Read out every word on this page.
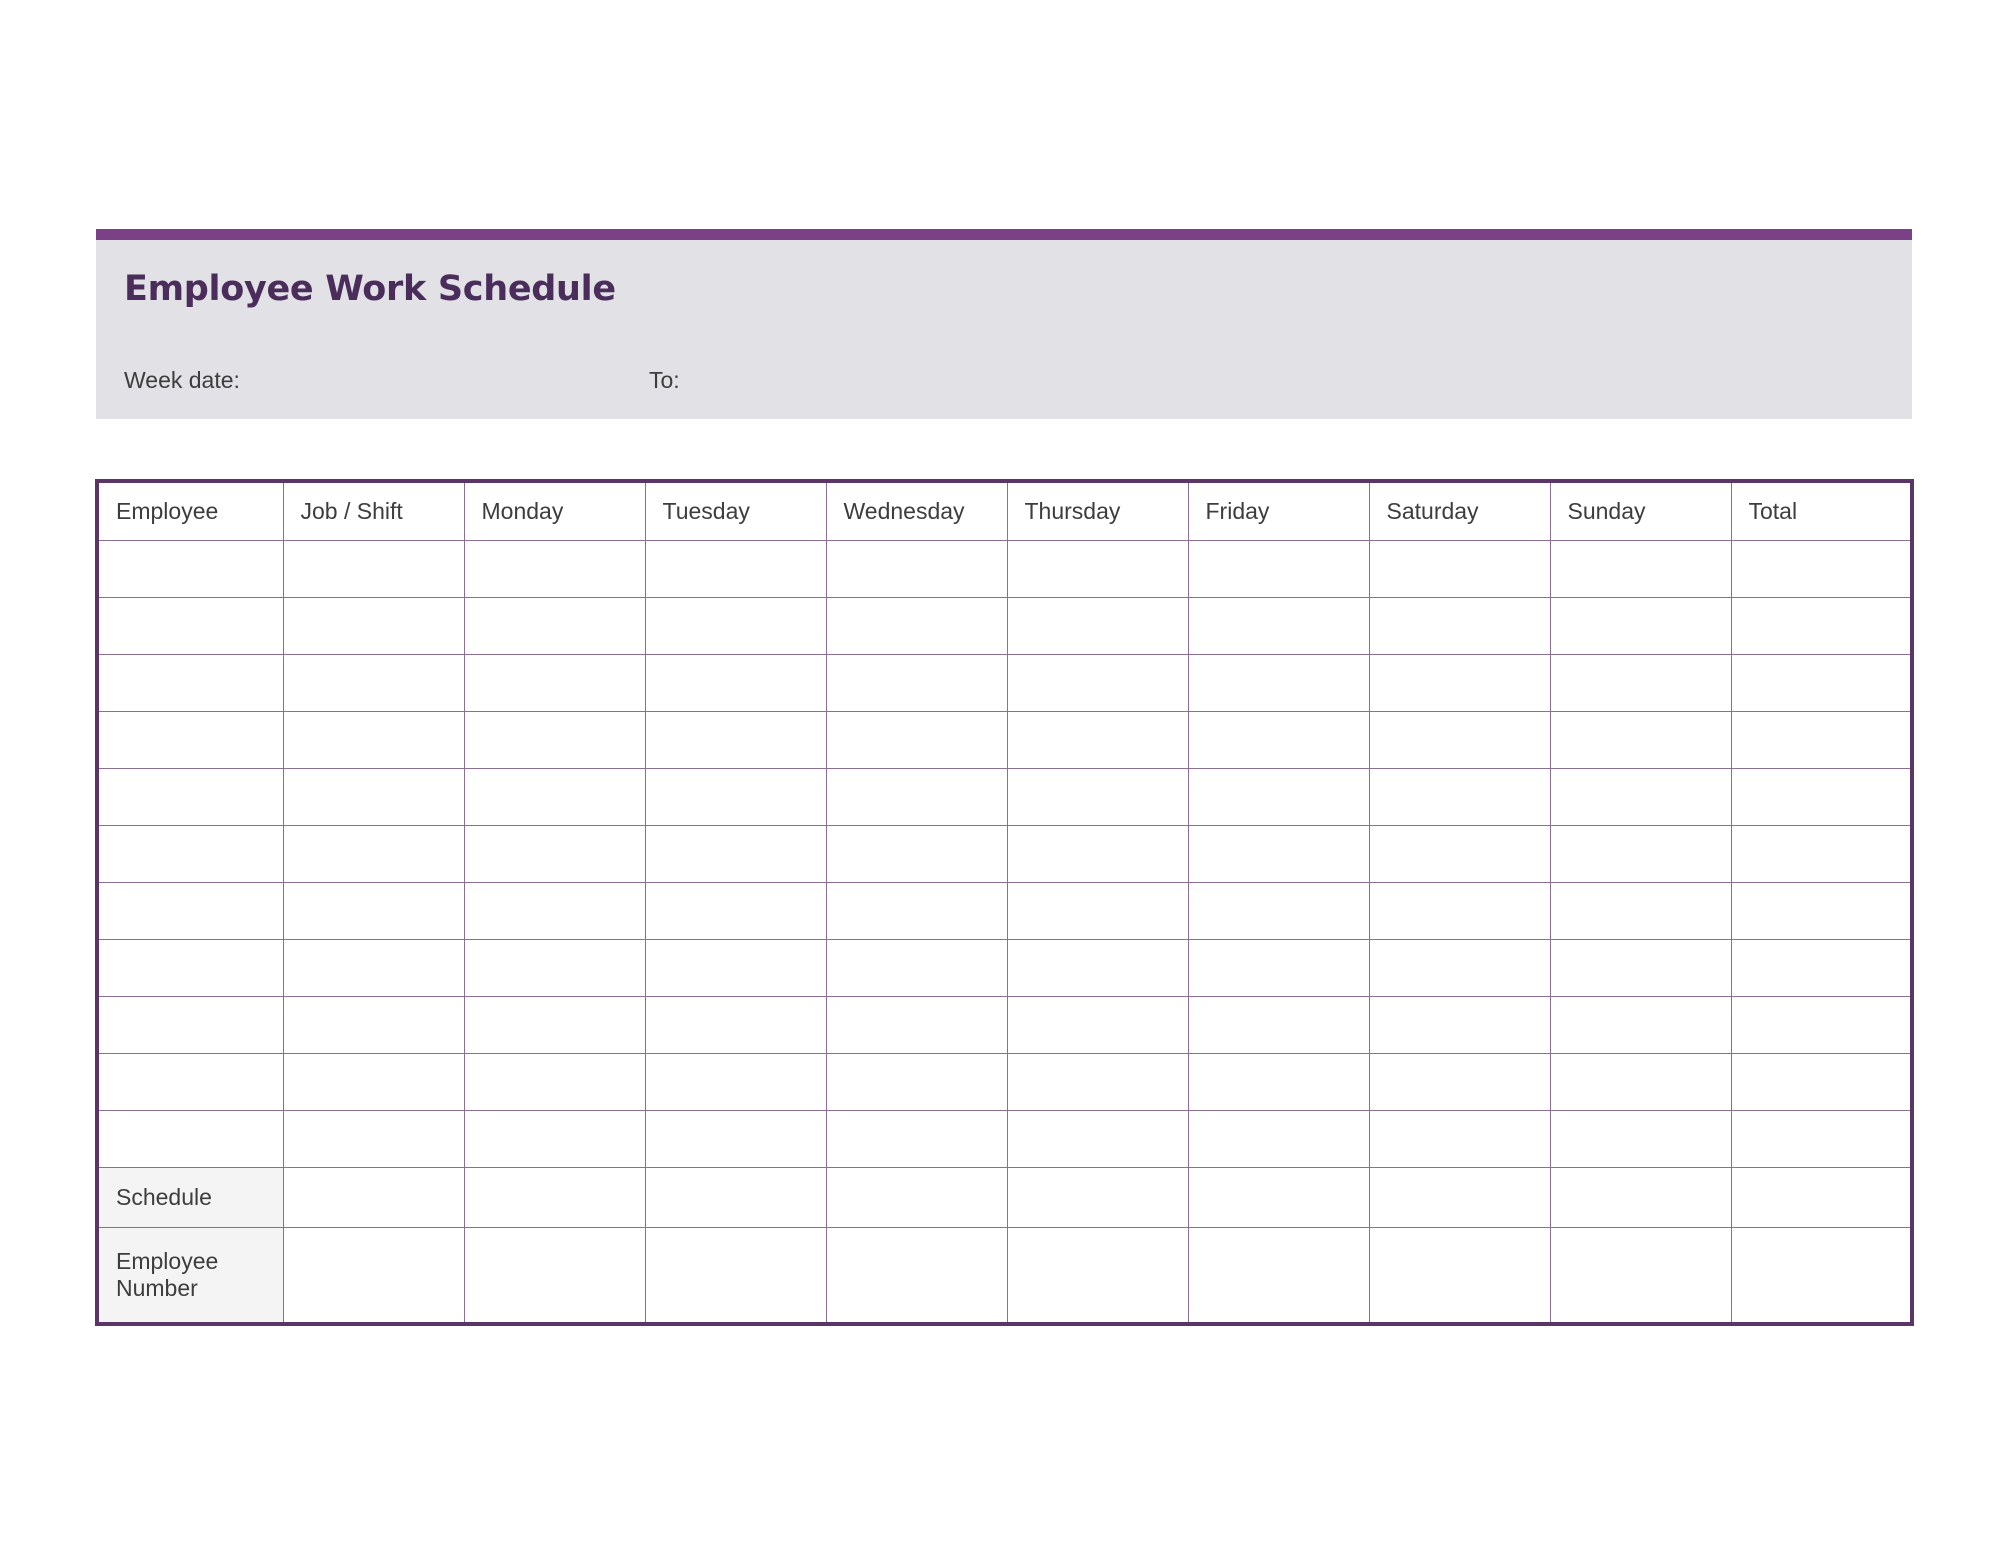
Employee Work Schedule
Week date:	To:
Employee	Job / Shift	Monday	Tuesday	Wednesday	Thursday	Friday	Saturday	Sunday	Total

Schedule									
Employee Number									
